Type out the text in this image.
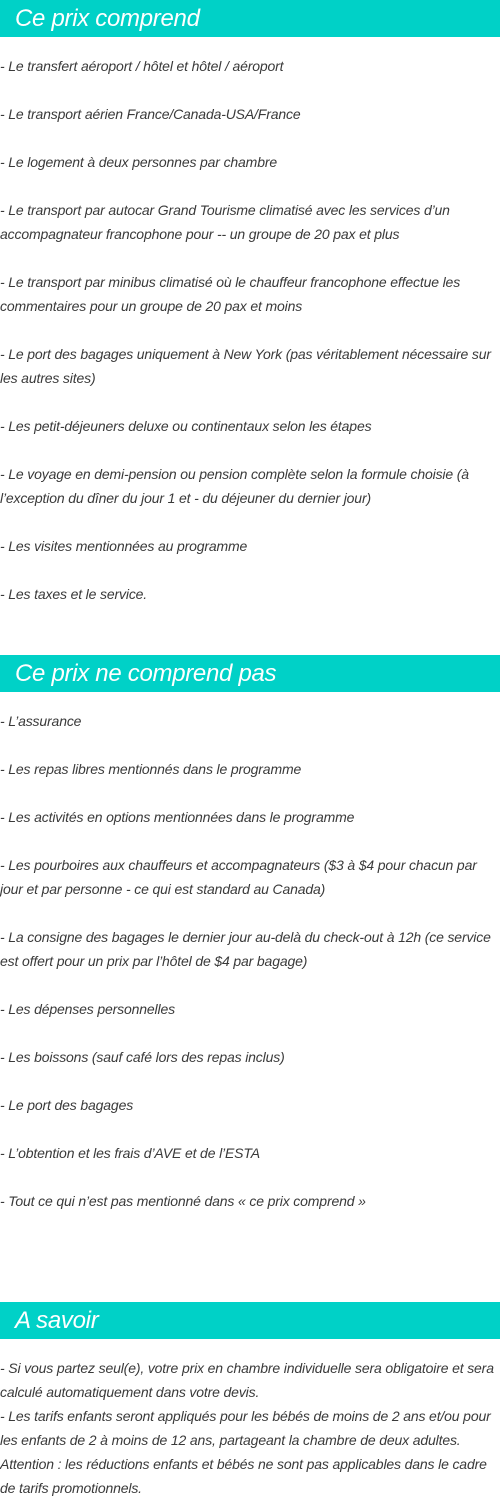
Ce prix comprend
- Le transfert aéroport / hôtel et hôtel / aéroport
- Le transport aérien France/Canada-USA/France
- Le logement à deux personnes par chambre
- Le transport par autocar Grand Tourisme climatisé avec les services d’un accompagnateur francophone pour -- un groupe de 20 pax et plus
- Le transport par minibus climatisé où le chauffeur francophone effectue les commentaires pour un groupe de 20 pax et moins
- Le port des bagages uniquement à New York (pas véritablement nécessaire sur les autres sites)
- Les petit-déjeuners deluxe ou continentaux selon les étapes
- Le voyage en demi-pension ou pension complète selon la formule choisie (à l’exception du dîner du jour 1 et - du déjeuner du dernier jour)
- Les visites mentionnées au programme
- Les taxes et le service.
Ce prix ne comprend pas
- L’assurance
- Les repas libres mentionnés dans le programme
- Les activités en options mentionnées dans le programme
- Les pourboires aux chauffeurs et accompagnateurs ($3 à $4 pour chacun par jour et par personne - ce qui est standard au Canada)
- La consigne des bagages le dernier jour au-delà du check-out à 12h (ce service est offert pour un prix par l’hôtel de $4 par bagage)
- Les dépenses personnelles
- Les boissons (sauf café lors des repas inclus)
- Le port des bagages
- L’obtention et les frais d’AVE et de l’ESTA
- Tout ce qui n’est pas mentionné dans « ce prix comprend »
A savoir
- Si vous partez seul(e), votre prix en chambre individuelle sera obligatoire et sera calculé automatiquement dans votre devis.
- Les tarifs enfants seront appliqués pour les bébés de moins de 2 ans et/ou pour les enfants de 2 à moins de 12 ans, partageant la chambre de deux adultes.
Attention : les réductions enfants et bébés ne sont pas applicables dans le cadre de tarifs promotionnels.
